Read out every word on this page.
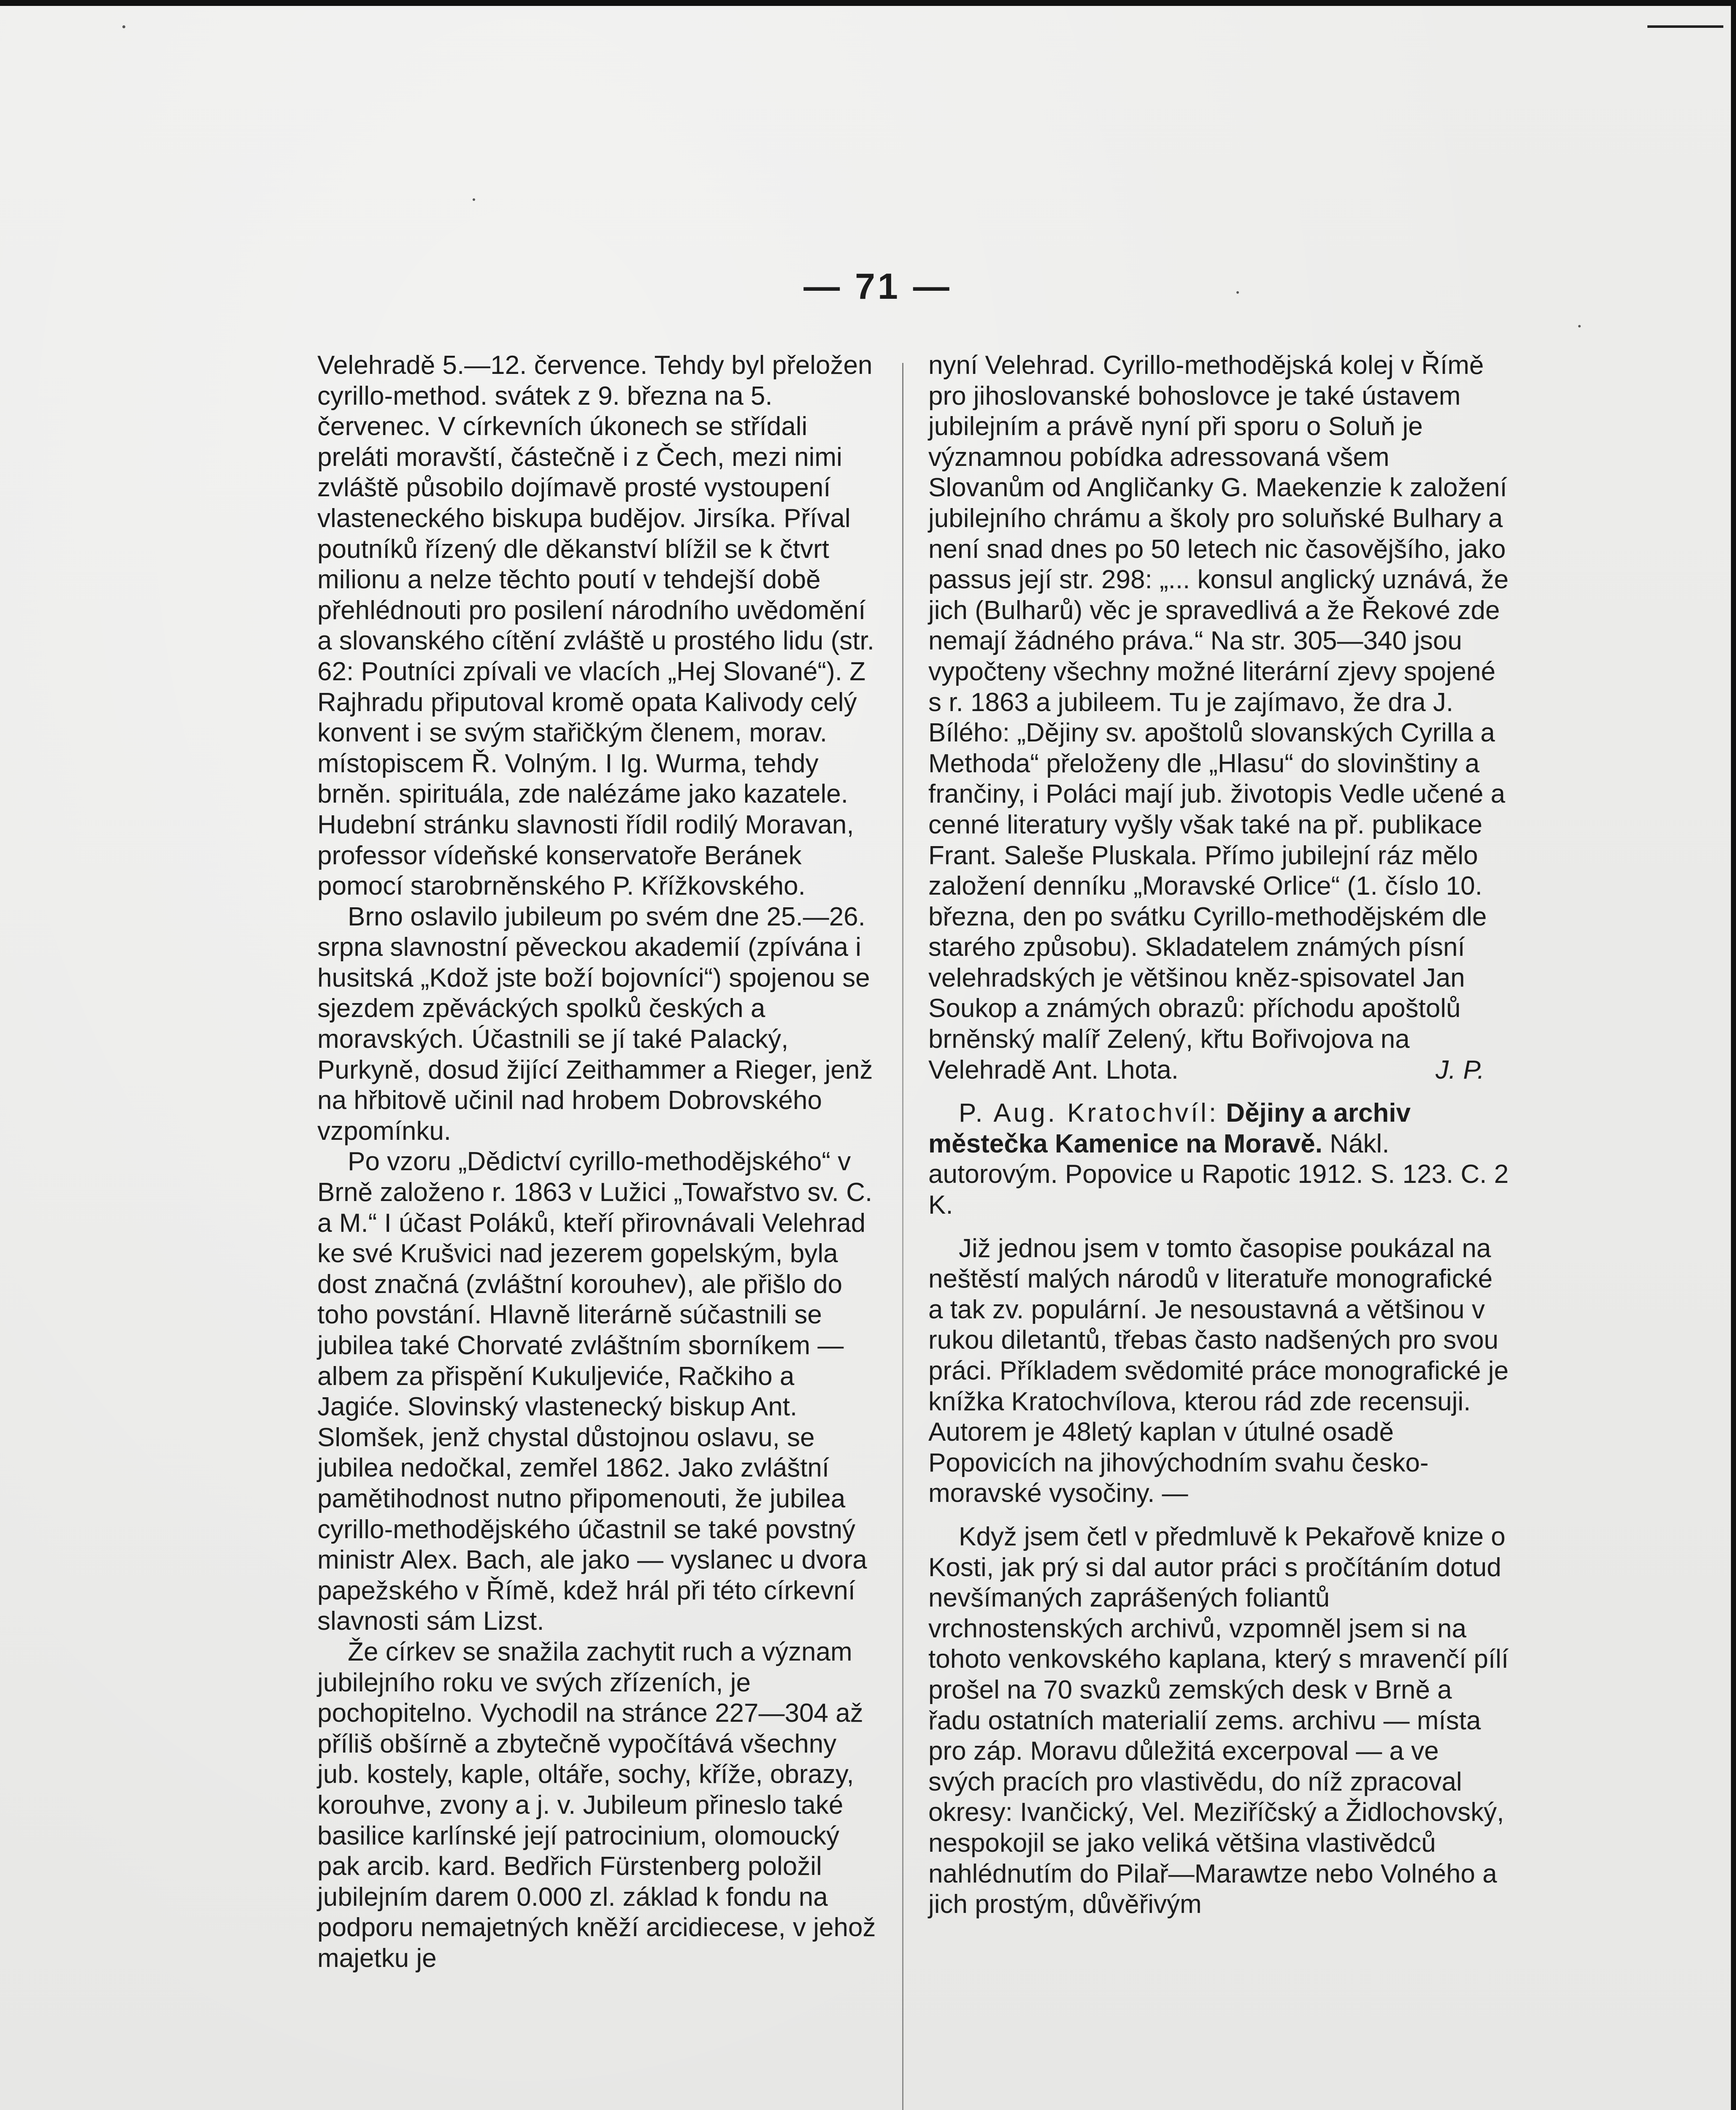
— 71 —

Velehradě 5.—12. července. Tehdy byl přeložen cyrillo-method. svátek z 9. března na 5. červenec. V církevních úkonech se střídali preláti moravští, částečně i z Čech, mezi nimi zvláště působilo dojímavě prosté vystoupení vlasteneckého biskupa budějov. Jirsíka. Příval poutníků řízený dle děkanství blížil se k čtvrt milionu a nelze těchto poutí v tehdejší době přehlédnouti pro posilení národního uvědomění a slovanského cítění zvláště u prostého lidu (str. 62: Poutníci zpívali ve vlacích „Hej Slované“). Z Rajhradu připutoval kromě opata Kalivody celý konvent i se svým stařičkým členem, morav. místopiscem Ř. Volným. I Ig. Wurma, tehdy brněn. spirituála, zde nalézáme jako kazatele. Hudební stránku slavnosti řídil rodilý Moravan, professor vídeňské konservatoře Beránek pomocí starobrněnského P. Křížkovského.

Brno oslavilo jubileum po svém dne 25.—26. srpna slavnostní pěveckou akademií (zpívána i husitská „Kdož jste boží bojovníci“) spojenou se sjezdem zpěváckých spolků českých a moravských. Účastnili se jí také Palacký, Purkyně, dosud žijící Zeithammer a Rieger, jenž na hřbitově učinil nad hrobem Dobrovského vzpomínku.

Po vzoru „Dědictví cyrillo-methodějského“ v Brně založeno r. 1863 v Lužici „Towařstvo sv. C. a M.“ I účast Poláků, kteří přirovnávali Velehrad ke své Krušvici nad jezerem gopelským, byla dost značná (zvláštní korouhev), ale přišlo do toho povstání. Hlavně literárně súčastnili se jubilea také Chorvaté zvláštním sborníkem — albem za přispění Kukuljeviće, Račkiho a Jagiće. Slovinský vlastenecký biskup Ant. Slomšek, jenž chystal důstojnou oslavu, se jubilea nedočkal, zemřel 1862. Jako zvláštní pamětihodnost nutno připomenouti, že jubilea cyrillo-methodějského účastnil se také povstný ministr Alex. Bach, ale jako — vyslanec u dvora papežského v Římě, kdež hrál při této církevní slavnosti sám Lizst.

Že církev se snažila zachytit ruch a význam jubilejního roku ve svých zřízeních, je pochopitelno. Vychodil na stránce 227—304 až příliš obšírně a zbytečně vypočítává všechny jub. kostely, kaple, oltáře, sochy, kříže, obrazy, korouhve, zvony a j. v. Jubileum přineslo také basilice karlínské její patrocinium, olomoucký pak arcib. kard. Bedřich Fürstenberg položil jubilejním darem 0.000 zl. základ k fondu na podporu nemajetných kněží arcidiecese, v jehož majetku je

nyní Velehrad. Cyrillo-methodějská kolej v Římě pro jihoslovanské bohoslovce je také ústavem jubilejním a právě nyní při sporu o Soluň je významnou pobídka adressovaná všem Slovanům od Angličanky G. Maekenzie k založení jubilejního chrámu a školy pro soluňské Bulhary a není snad dnes po 50 letech nic časovějšího, jako passus její str. 298: „... konsul anglický uznává, že jich (Bulharů) věc je spravedlivá a že Řekové zde nemají žádného práva.“ Na str. 305—340 jsou vypočteny všechny možné literární zjevy spojené s r. 1863 a jubileem. Tu je zajímavo, že dra J. Bílého: „Dějiny sv. apoštolů slovanských Cyrilla a Methoda“ přeloženy dle „Hlasu“ do slovinštiny a frančiny, i Poláci mají jub. životopis Vedle učené a cenné literatury vyšly však také na př. publikace Frant. Saleše Pluskala. Přímo jubilejní ráz mělo založení denníku „Moravské Orlice“ (1. číslo 10. března, den po svátku Cyrillo-methodějském dle starého způsobu). Skladatelem známých písní velehradských je většinou kněz-spisovatel Jan Soukop a známých obrazů: příchodu apoštolů brněnský malíř Zelený, křtu Bořivojova na Velehradě Ant. Lhota.	J. P.

P. Aug. Kratochvíl: Dějiny a archiv městečka Kamenice na Moravě. Nákl. autorovým. Popovice u Rapotic 1912. S. 123. C. 2 K.

Již jednou jsem v tomto časopise poukázal na neštěstí malých národů v literatuře monografické a tak zv. populární. Je nesoustavná a většinou v rukou diletantů, třebas často nadšených pro svou práci. Příkladem svědomité práce monografické je knížka Kratochvílova, kterou rád zde recensuji. Autorem je 48letý kaplan v útulné osadě Popovicích na jihovýchodním svahu česko-moravské vysočiny. —

Když jsem četl v předmluvě k Pekařově knize o Kosti, jak prý si dal autor práci s pročítáním dotud nevšímaných zaprášených foliantů vrchnostenských archivů, vzpomněl jsem si na tohoto venkovského kaplana, který s mravenčí pílí prošel na 70 svazků zemských desk v Brně a řadu ostatních materialií zems. archivu — místa pro záp. Moravu důležitá excerpoval — a ve svých pracích pro vlastivědu, do níž zpracoval okresy: Ivančický, Vel. Meziříčský a Židlochovský, nespokojil se jako veliká většina vlastivědců nahlédnutím do Pilař—Marawtze nebo Volného a jich prostým, důvěřivým
